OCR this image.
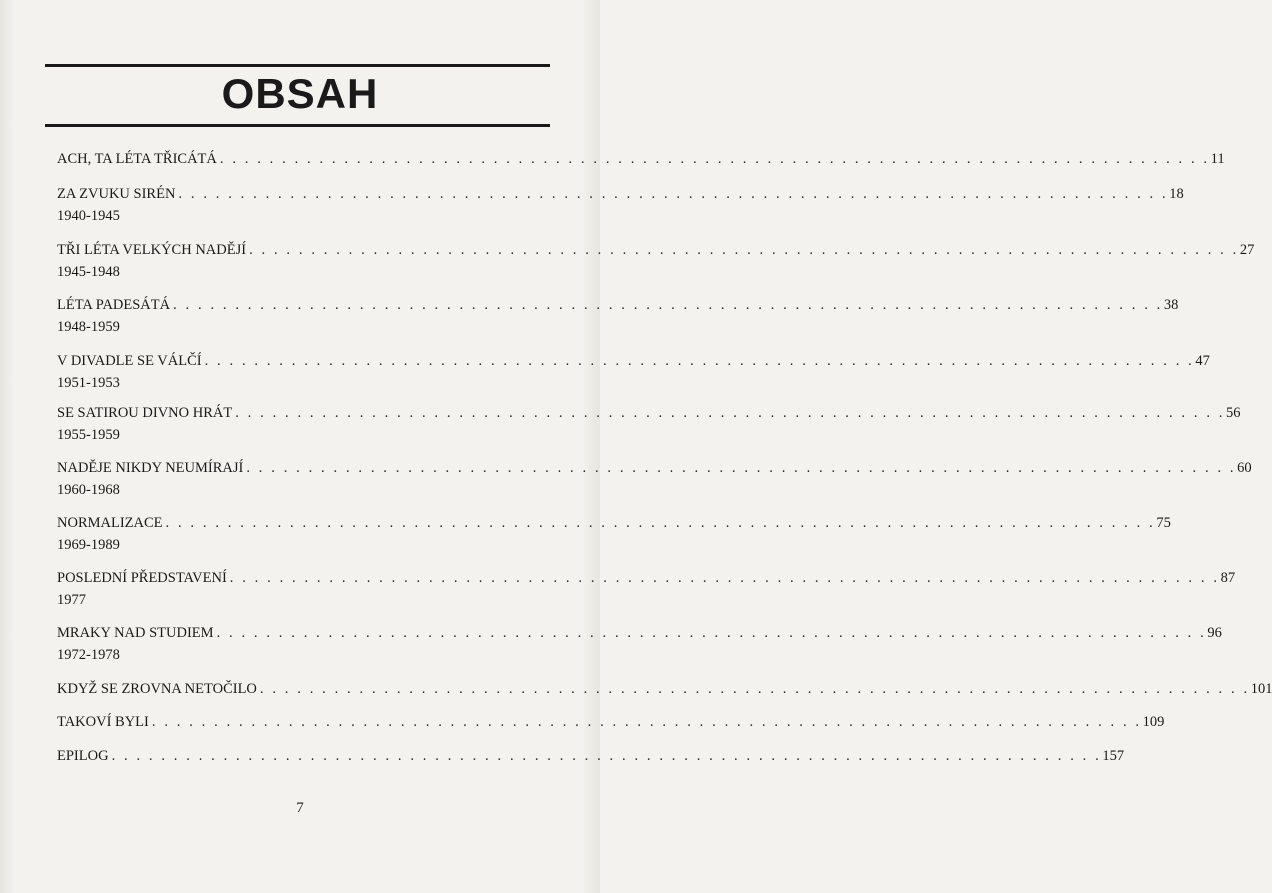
OBSAH
ACH, TA LÉTA TŘICÁTÁ . . . . . . . . . . . . . . . . . . . . . . . . . . . . . . . . . . . . . . . . . . . . . . . . . . . . . . . . . . . . . . . . . . . . . . . . . . . . . . . . 11
ZA ZVUKU SIRÉN . . . . . . . . . . . . . . . . . . . . . . . . . . . . . . . . . . . . . . . . . . . . . . . . . . . . . . . . . . . . . . . . . . . . . . . . . . . . . . . . 18
1940-1945
TŘI LÉTA VELKÝCH NADĚJÍ . . . . . . . . . . . . . . . . . . . . . . . . . . . . . . . . . . . . . . . . . . . . . . . . . . . . . . . . . . . . . . . . . . . . . . . . . . . . . . . . 27
1945-1948
LÉTA PADESÁTÁ . . . . . . . . . . . . . . . . . . . . . . . . . . . . . . . . . . . . . . . . . . . . . . . . . . . . . . . . . . . . . . . . . . . . . . . . . . . . . . . . 38
1948-1959
V DIVADLE SE VÁLČÍ . . . . . . . . . . . . . . . . . . . . . . . . . . . . . . . . . . . . . . . . . . . . . . . . . . . . . . . . . . . . . . . . . . . . . . . . . . . . . . . . 47
1951-1953
SE SATIROU DIVNO HRÁT . . . . . . . . . . . . . . . . . . . . . . . . . . . . . . . . . . . . . . . . . . . . . . . . . . . . . . . . . . . . . . . . . . . . . . . . . . . . . . . . 56
1955-1959
NADĚJE NIKDY NEUMÍRAJÍ . . . . . . . . . . . . . . . . . . . . . . . . . . . . . . . . . . . . . . . . . . . . . . . . . . . . . . . . . . . . . . . . . . . . . . . . . . . . . . . . 60
1960-1968
NORMALIZACE . . . . . . . . . . . . . . . . . . . . . . . . . . . . . . . . . . . . . . . . . . . . . . . . . . . . . . . . . . . . . . . . . . . . . . . . . . . . . . . . 75
1969-1989
POSLEDNÍ PŘEDSTAVENÍ . . . . . . . . . . . . . . . . . . . . . . . . . . . . . . . . . . . . . . . . . . . . . . . . . . . . . . . . . . . . . . . . . . . . . . . . . . . . . . . . 87
1977
MRAKY NAD STUDIEM . . . . . . . . . . . . . . . . . . . . . . . . . . . . . . . . . . . . . . . . . . . . . . . . . . . . . . . . . . . . . . . . . . . . . . . . . . . . . . . . 96
1972-1978
KDYŽ SE ZROVNA NETOČILO . . . . . . . . . . . . . . . . . . . . . . . . . . . . . . . . . . . . . . . . . . . . . . . . . . . . . . . . . . . . . . . . . . . . . . . . . . . . . . . . 101
TAKOVÍ BYLI . . . . . . . . . . . . . . . . . . . . . . . . . . . . . . . . . . . . . . . . . . . . . . . . . . . . . . . . . . . . . . . . . . . . . . . . . . . . . . . . 109
EPILOG . . . . . . . . . . . . . . . . . . . . . . . . . . . . . . . . . . . . . . . . . . . . . . . . . . . . . . . . . . . . . . . . . . . . . . . . . . . . . . . . 157
7
